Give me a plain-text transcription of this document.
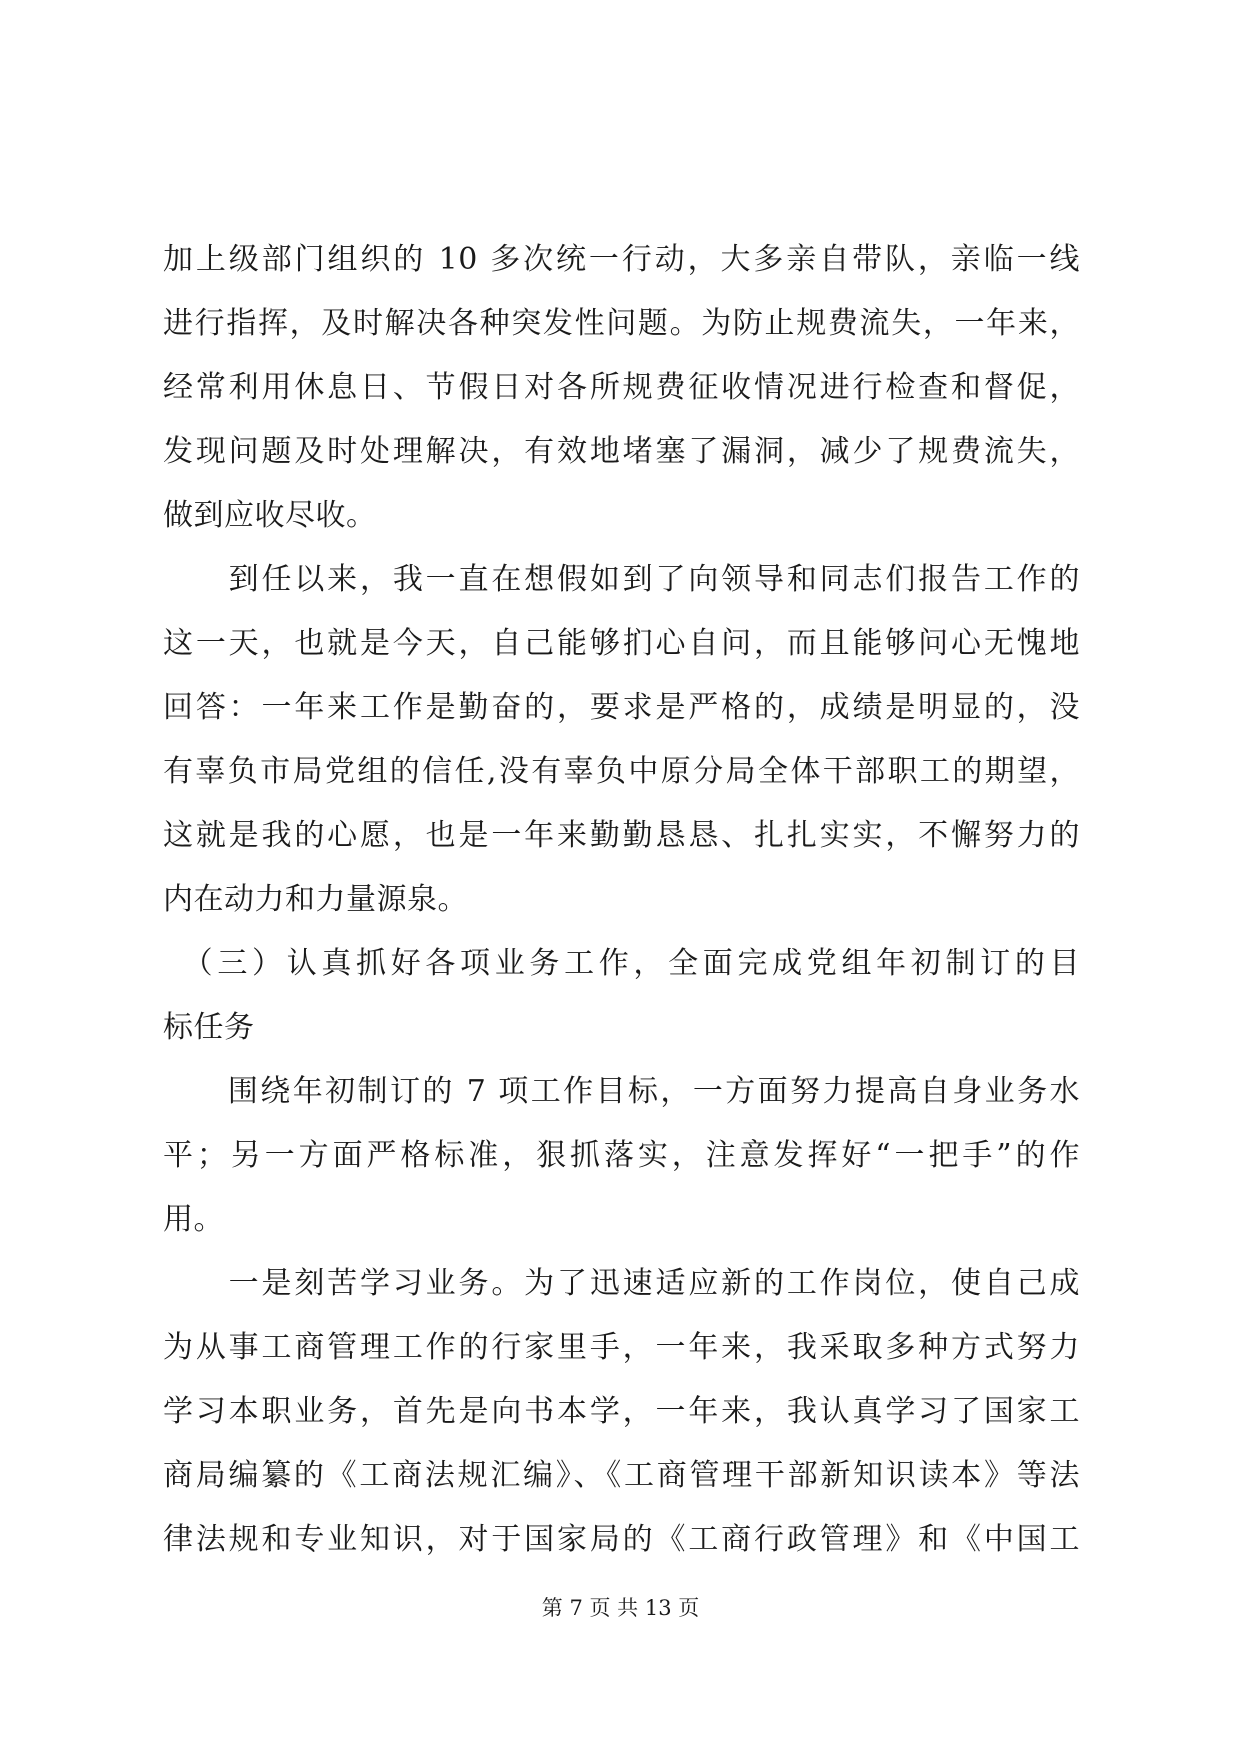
加上级部门组织的 10 多次统一行动，大多亲自带队，亲临一线
进行指挥，及时解决各种突发性问题。为防止规费流失，一年来，
经常利用休息日、节假日对各所规费征收情况进行检查和督促，
发现问题及时处理解决，有效地堵塞了漏洞，减少了规费流失，
做到应收尽收。
　　到任以来，我一直在想假如到了向领导和同志们报告工作的
这一天，也就是今天，自己能够扪心自问，而且能够问心无愧地
回答：一年来工作是勤奋的，要求是严格的，成绩是明显的，没
有辜负市局党组的信任,没有辜负中原分局全体干部职工的期望，
这就是我的心愿，也是一年来勤勤恳恳、扎扎实实，不懈努力的
内在动力和力量源泉。
　（三）认真抓好各项业务工作，全面完成党组年初制订的目
标任务
　　围绕年初制订的 7 项工作目标，一方面努力提高自身业务水
平；另一方面严格标准，狠抓落实，注意发挥好“一把手”的作
用。
　　一是刻苦学习业务。为了迅速适应新的工作岗位，使自己成
为从事工商管理工作的行家里手，一年来，我采取多种方式努力
学习本职业务，首先是向书本学，一年来，我认真学习了国家工
商局编纂的《工商法规汇编》、《工商管理干部新知识读本》等法
律法规和专业知识，对于国家局的《工商行政管理》和《中国工
第 7 页 共 13 页
